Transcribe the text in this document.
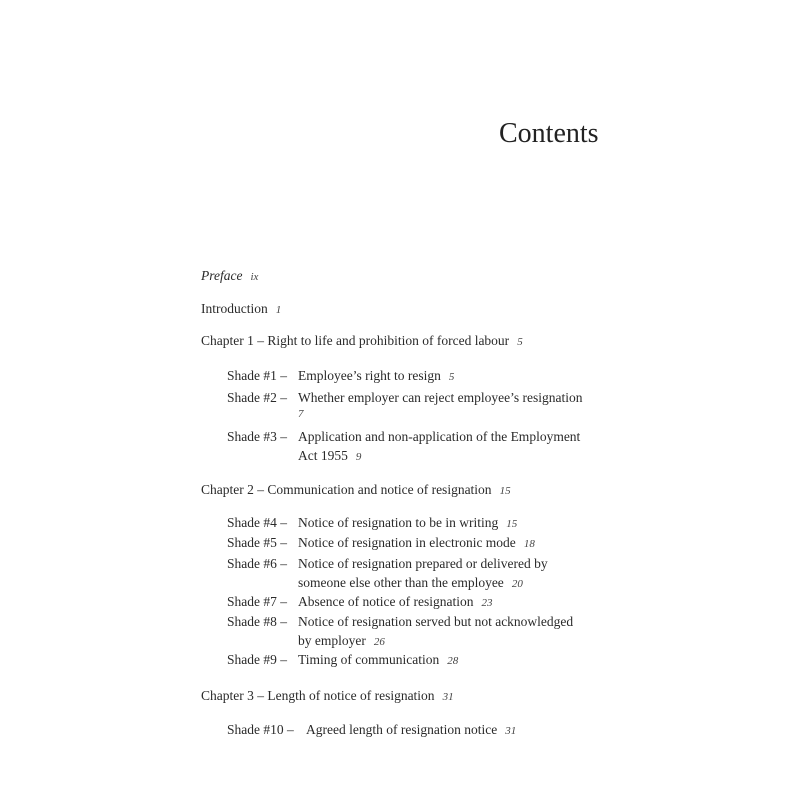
Contents
Preface ix
Introduction 1
Chapter 1 – Right to life and prohibition of forced labour 5
Shade #1 – Employee’s right to resign 5
Shade #2 – Whether employer can reject employee’s resignation
7
Shade #3 – Application and non-application of the Employment
Act 1955 9
Chapter 2 – Communication and notice of resignation 15
Shade #4 – Notice of resignation to be in writing 15
Shade #5 – Notice of resignation in electronic mode 18
Shade #6 – Notice of resignation prepared or delivered by
someone else other than the employee 20
Shade #7 – Absence of notice of resignation 23
Shade #8 – Notice of resignation served but not acknowledged
by employer 26
Shade #9 – Timing of communication 28
Chapter 3 – Length of notice of resignation 31
Shade #10 – Agreed length of resignation notice 31
